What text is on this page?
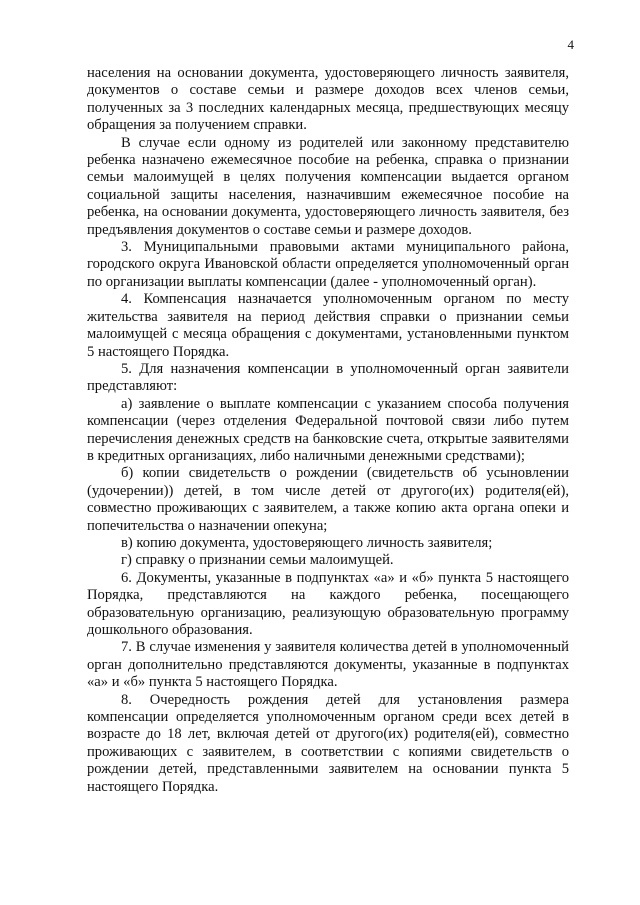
4

населения на основании документа, удостоверяющего личность заявителя, документов о составе семьи и размере доходов всех членов семьи, полученных за 3 последних календарных месяца, предшествующих месяцу обращения за получением справки.

В случае если одному из родителей или законному представителю ребенка назначено ежемесячное пособие на ребенка, справка о признании семьи малоимущей в целях получения компенсации выдается органом социальной защиты населения, назначившим ежемесячное пособие на ребенка, на основании документа, удостоверяющего личность заявителя, без предъявления документов о составе семьи и размере доходов.

3. Муниципальными правовыми актами муниципального района, городского округа Ивановской области определяется уполномоченный орган по организации выплаты компенсации (далее - уполномоченный орган).

4. Компенсация назначается уполномоченным органом по месту жительства заявителя на период действия справки о признании семьи малоимущей с месяца обращения с документами, установленными пунктом 5 настоящего Порядка.

5. Для назначения компенсации в уполномоченный орган заявители представляют:

а) заявление о выплате компенсации с указанием способа получения компенсации (через отделения Федеральной почтовой связи либо путем перечисления денежных средств на банковские счета, открытые заявителями в кредитных организациях, либо наличными денежными средствами);

б) копии свидетельств о рождении (свидетельств об усыновлении (удочерении)) детей, в том числе детей от другого(их) родителя(ей), совместно проживающих с заявителем, а также копию акта органа опеки и попечительства о назначении опекуна;

в) копию документа, удостоверяющего личность заявителя;

г) справку о признании семьи малоимущей.

6. Документы, указанные в подпунктах «а» и «б» пункта 5 настоящего Порядка, представляются на каждого ребенка, посещающего образовательную организацию, реализующую образовательную программу дошкольного образования.

7. В случае изменения у заявителя количества детей в уполномоченный орган дополнительно представляются документы, указанные в подпунктах «а» и «б» пункта 5 настоящего Порядка.

8. Очередность рождения детей для установления размера компенсации определяется уполномоченным органом среди всех детей в возрасте до 18 лет, включая детей от другого(их) родителя(ей), совместно проживающих с заявителем, в соответствии с копиями свидетельств о рождении детей, представленными заявителем на основании пункта 5 настоящего Порядка.
